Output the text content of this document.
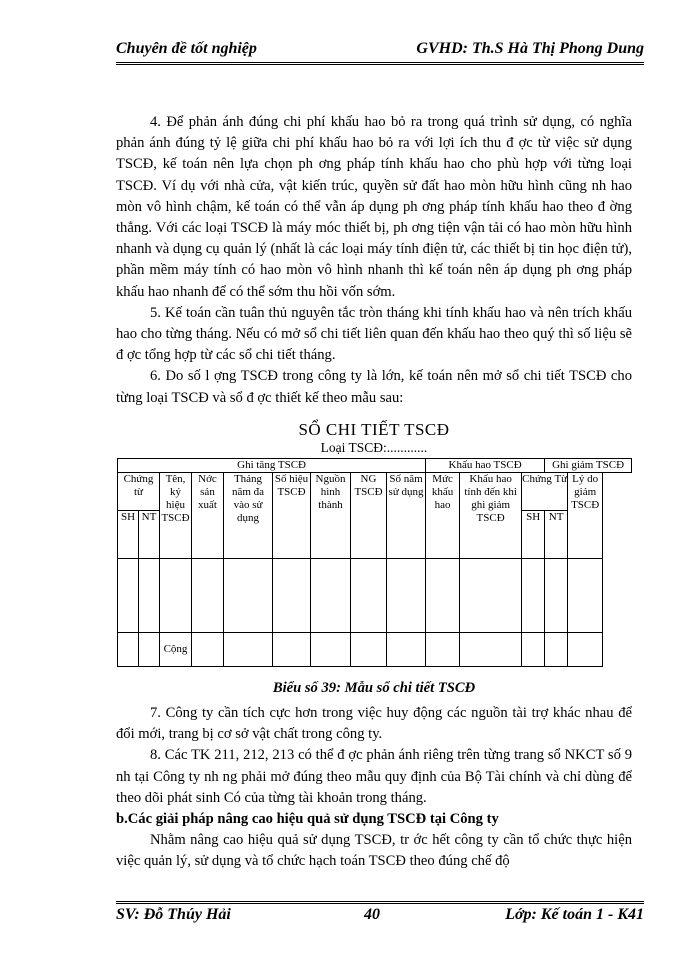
Chuyên đề tốt nghiệp	GVHD: Th.S Hà Thị Phong Dung

4. Để phản ánh đúng chi phí khấu hao bỏ ra trong quá trình sử dụng, có nghĩa phản ánh đúng tỷ lệ giữa chi phí khấu hao bỏ ra với lợi ích thu đ ợc từ việc sử dụng TSCĐ, kế toán nên lựa chọn ph ơng pháp tính khấu hao cho phù hợp với từng loại TSCĐ. Ví dụ với nhà cửa, vật kiến trúc, quyền sử đất hao mòn hữu hình cũng nh hao mòn vô hình chậm, kế toán có thể vẫn áp dụng ph ơng pháp tính khấu hao theo đ ờng thẳng. Với các loại TSCĐ là máy móc thiết bị, ph ơng tiện vận tải có hao mòn hữu hình nhanh và dụng cụ quản lý (nhất là các loại máy tính điện tử, các thiết bị tin học điện tử), phần mềm máy tính có hao mòn vô hình nhanh thì kế toán nên áp dụng ph ơng pháp khấu hao nhanh để có thể sớm thu hồi vốn sớm.

5. Kế toán cần tuân thủ nguyên tắc tròn tháng khi tính khấu hao và nên trích khấu hao cho từng tháng. Nếu có mở sổ chi tiết liên quan đến khấu hao theo quý thì số liệu sẽ đ ợc tổng hợp từ các sổ chi tiết tháng.

6. Do số l ợng TSCĐ trong công ty là lớn, kế toán nên mở sổ chi tiết TSCĐ cho từng loại TSCĐ và sổ đ ợc thiết kế theo mẫu sau:

SỔ CHI TIẾT TSCĐ
Loại TSCĐ:............
Ghi tăng TSCĐ									Khấu hao TSCĐ			Ghi giảm TSCĐ	
Chứng từ		Tên, ký hiệu TSCĐ	Nớc sản xuất	Tháng năm đa vào sử dụng	Số hiệu TSCĐ	Nguồn hình thành	NG TSCĐ	Số năm sử dụng	Mức khấu hao	Khấu hao tính đến khi ghi giảm TSCĐ	Chứng Từ		Lý do giảm TSCĐ
SH	NT										SH	NT	

		Cộng											
Biểu số 39: Mẫu sổ chi tiết TSCĐ

7. Công ty cần tích cực hơn trong việc huy động các nguồn tài trợ khác nhau để đổi mới, trang bị cơ sở vật chất trong công ty.

8. Các TK 211, 212, 213 có thể đ ợc phản ánh riêng trên từng trang sổ NKCT số 9 nh tại Công ty nh ng phải mở đúng theo mẫu quy định của Bộ Tài chính và chỉ dùng để theo dõi phát sinh Có của từng tài khoản trong tháng.

b.Các giải pháp nâng cao hiệu quả sử dụng TSCĐ tại Công ty

Nhằm nâng cao hiệu quả sử dụng TSCĐ, tr ớc hết công ty cần tổ chức thực hiện việc quản lý, sử dụng và tổ chức hạch toán TSCĐ theo đúng chế độ

SV: Đỗ Thúy Hải	40	Lớp: Kế toán 1 - K41
